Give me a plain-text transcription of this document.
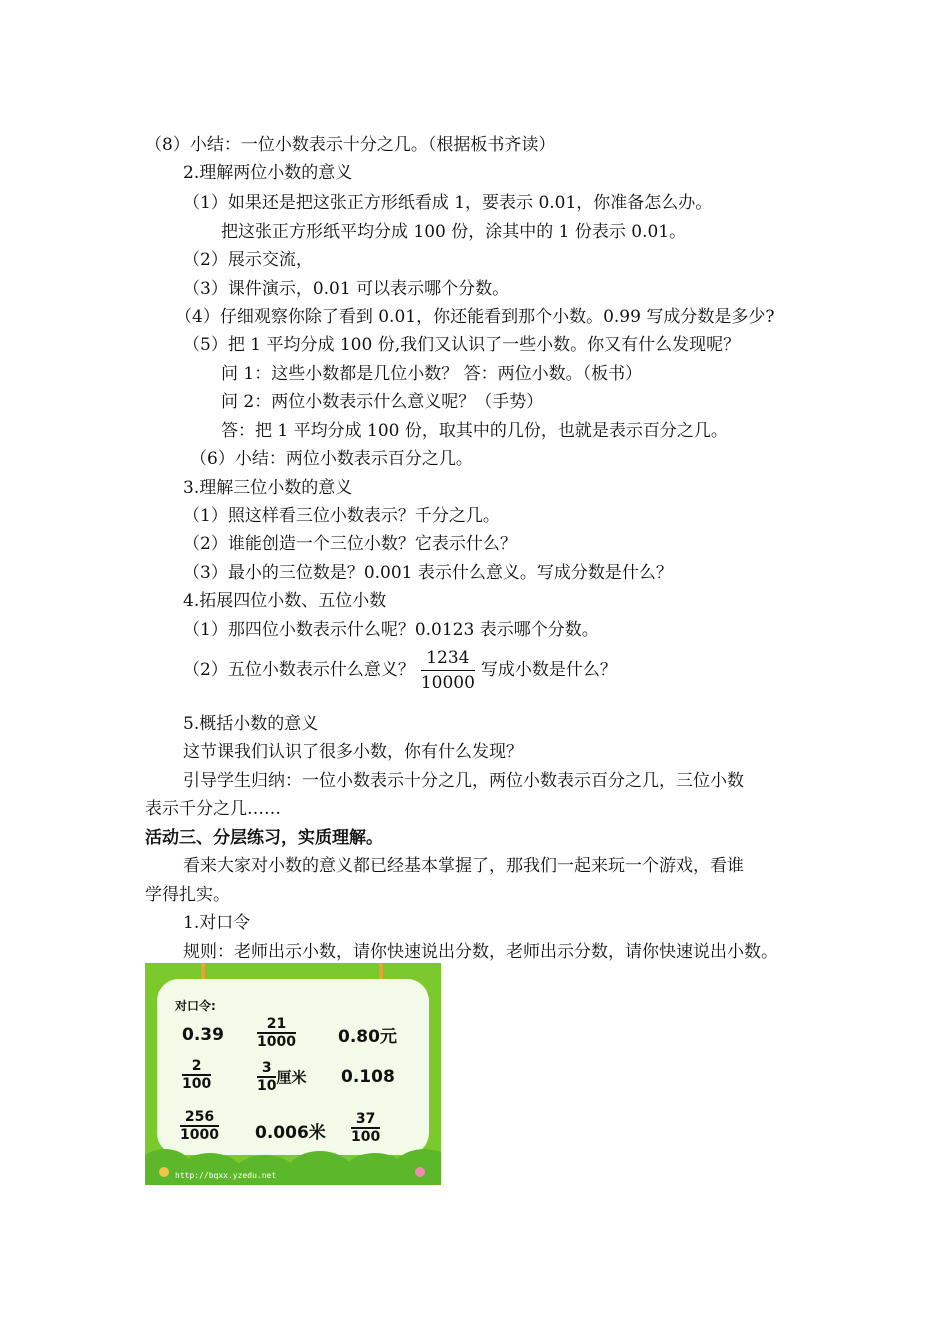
（8）小结：一位小数表示十分之几。（根据板书齐读）
2.理解两位小数的意义
（1）如果还是把这张正方形纸看成 1，要表示 0.01，你准备怎么办。
把这张正方形纸平均分成 100 份，涂其中的 1 份表示 0.01。
（2）展示交流，
（3）课件演示，0.01 可以表示哪个分数。
（4）仔细观察你除了看到 0.01，你还能看到那个小数。0.99 写成分数是多少?
（5）把 1 平均分成 100 份,我们又认识了一些小数。你又有什么发现呢？
问 1：这些小数都是几位小数？ 答：两位小数。（板书）
问 2：两位小数表示什么意义呢？（手势）
答：把 1 平均分成 100 份，取其中的几份，也就是表示百分之几。
（6）小结：两位小数表示百分之几。
3.理解三位小数的意义
（1）照这样看三位小数表示？千分之几。
（2）谁能创造一个三位小数？它表示什么？
（3）最小的三位数是？0.001 表示什么意义。写成分数是什么？
4.拓展四位小数、五位小数
（1）那四位小数表示什么呢？0.0123 表示哪个分数。
（2）五位小数表示什么意义？ $\frac{1234}{10000}$ 写成小数是什么？
5.概括小数的意义
这节课我们认识了很多小数，你有什么发现？
引导学生归纳：一位小数表示十分之几，两位小数表示百分之几，三位小数
表示千分之几……
活动三、分层练习，实质理解。
看来大家对小数的意义都已经基本掌握了，那我们一起来玩一个游戏，看谁
学得扎实。
1.对口令
规则：老师出示小数，请你快速说出分数，老师出示分数，请你快速说出小数。
对口令:
$0.39 \frac{21}{1000} 0.80$元
$\frac{2}{100}$	$\frac{3}{10}$ 厘米 0.108
$\frac{256}{1000} 0.006$米 $\frac{37}{100}$
http://bqxx.yzedu.net
